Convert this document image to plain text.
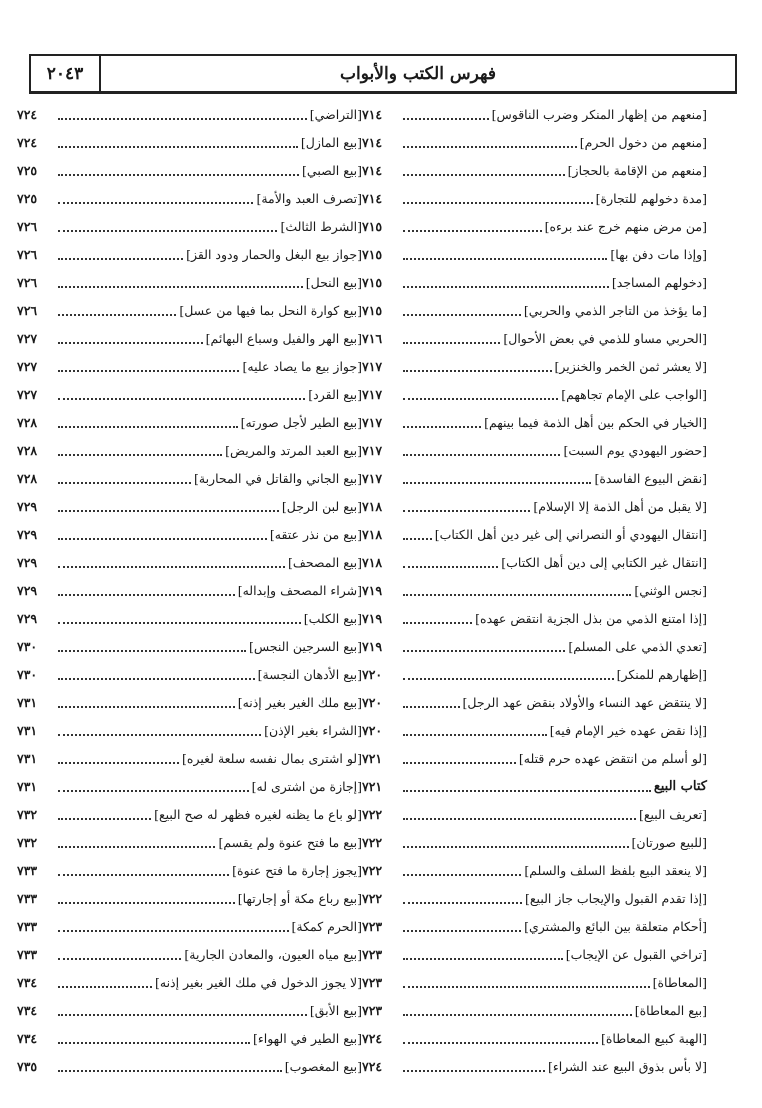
فهرس الكتب والأبواب
٢٠٤٣
[منعهم من إظهار المنكر وضرب الناقوس]
٧١٤
[منعهم من دخول الحرم]
٧١٤
[منعهم من الإقامة بالحجاز]
٧١٤
[مدة دخولهم للتجارة]
٧١٤
[من مرض منهم خرج عند برءه]
٧١٥
[وإذا مات دفن بها]
٧١٥
[دخولهم المساجد]
٧١٥
[ما يؤخذ من التاجر الذمي والحربي]
٧١٥
[الحربي مساو للذمي في بعض الأحوال]
٧١٦
[لا يعشر ثمن الخمر والخنزير]
٧١٧
[الواجب على الإمام تجاههم]
٧١٧
[الخيار في الحكم بين أهل الذمة فيما بينهم]
٧١٧
[حضور اليهودي يوم السبت]
٧١٧
[نقض البيوع الفاسدة]
٧١٧
[لا يقبل من أهل الذمة إلا الإسلام]
٧١٨
[انتقال اليهودي أو النصراني إلى غير دين أهل الكتاب]
٧١٨
[انتقال غير الكتابي إلى دين أهل الكتاب]
٧١٨
[نجس الوثني]
٧١٩
[إذا امتنع الذمي من بذل الجزية انتقض عهده]
٧١٩
[تعدي الذمي على المسلم]
٧١٩
[إظهارهم للمنكر]
٧٢٠
[لا ينتقض عهد النساء والأولاد بنقض عهد الرجل]
٧٢٠
[إذا نقض عهده خير الإمام فيه]
٧٢٠
[لو أسلم من انتقض عهده حرم قتله]
٧٢١
كتاب البيع
٧٢١
[تعريف البيع]
٧٢٢
[للبيع صورتان]
٧٢٢
[لا ينعقد البيع بلفظ السلف والسلم]
٧٢٢
[إذا تقدم القبول والإيجاب جاز البيع]
٧٢٢
[أحكام متعلقة بين البائع والمشتري]
٧٢٣
[تراخي القبول عن الإيجاب]
٧٢٣
[المعاطاة]
٧٢٣
[بيع المعاطاة]
٧٢٣
[الهبة كبيع المعاطاة]
٧٢٤
[لا بأس بذوق البيع عند الشراء]
٧٢٤
[التراضي]
٧٢٤
[بيع المازل]
٧٢٤
[بيع الصبي]
٧٢٥
[تصرف العبد والأمة]
٧٢٥
[الشرط الثالث]
٧٢٦
[جواز بيع البغل والحمار ودود القز]
٧٢٦
[بيع النحل]
٧٢٦
[بيع كوارة النحل بما فيها من عسل]
٧٢٦
[بيع الهر والفيل وسباع البهائم]
٧٢٧
[جواز بيع ما يصاد عليه]
٧٢٧
[بيع القرد]
٧٢٧
[بيع الطير لأجل صورته]
٧٢٨
[بيع العبد المرتد والمريض]
٧٢٨
[بيع الجاني والقاتل في المحاربة]
٧٢٨
[بيع لبن الرجل]
٧٢٩
[بيع من نذر عتقه]
٧٢٩
[بيع المصحف]
٧٢٩
[شراء المصحف وإبداله]
٧٢٩
[بيع الكلب]
٧٢٩
[بيع السرجين النجس]
٧٣٠
[بيع الأدهان النجسة]
٧٣٠
[بيع ملك الغير بغير إذنه]
٧٣١
[الشراء بغير الإذن]
٧٣١
[لو اشترى بمال نفسه سلعة لغيره]
٧٣١
[إجازة من اشترى له]
٧٣١
[لو باع ما يظنه لغيره فظهر له صح البيع]
٧٣٢
[بيع ما فتح عنوة ولم يقسم]
٧٣٢
[يجوز إجارة ما فتح عنوة]
٧٣٣
[بيع رباع مكة أو إجارتها]
٧٣٣
[الحرم كمكة]
٧٣٣
[بيع مياه العيون، والمعادن الجارية]
٧٣٣
[لا يجوز الدخول في ملك الغير بغير إذنه]
٧٣٤
[بيع الأبق]
٧٣٤
[بيع الطير في الهواء]
٧٣٤
[بيع المغصوب]
٧٣٥
